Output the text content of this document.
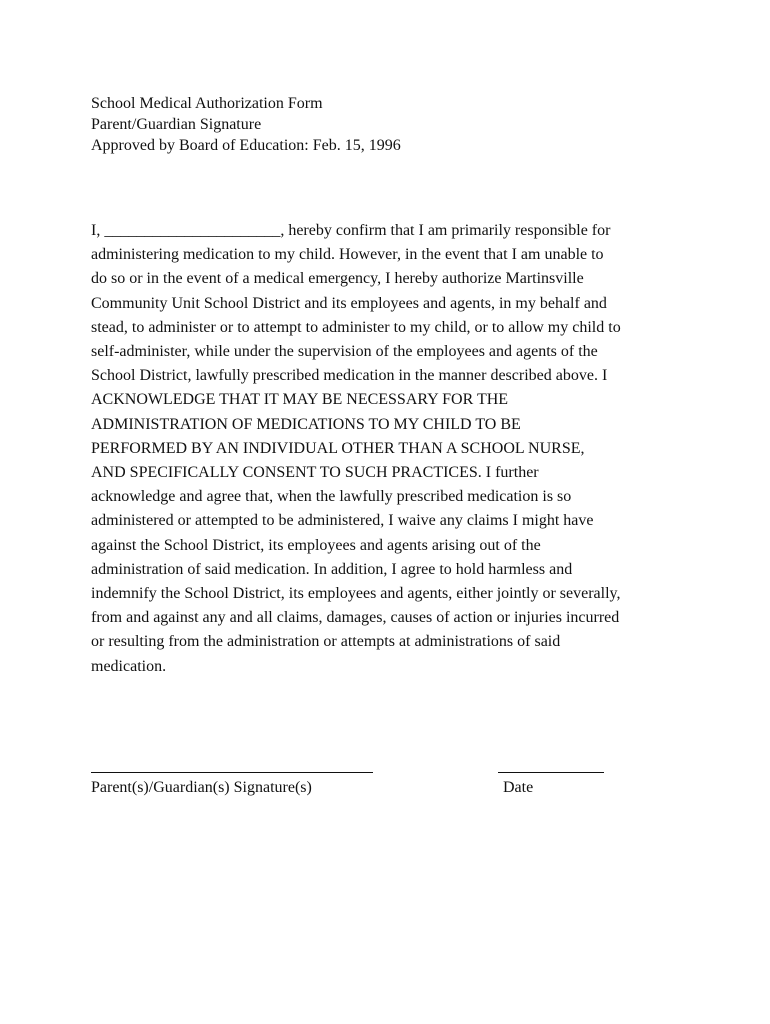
School Medical Authorization Form
Parent/Guardian Signature
Approved by Board of Education: Feb. 15, 1996
I, ______________________, hereby confirm that I am primarily responsible for
administering medication to my child. However, in the event that I am unable to
do so or in the event of a medical emergency, I hereby authorize Martinsville
Community Unit School District and its employees and agents, in my behalf and
stead, to administer or to attempt to administer to my child, or to allow my child to
self-administer, while under the supervision of the employees and agents of the
School District, lawfully prescribed medication in the manner described above. I
ACKNOWLEDGE THAT IT MAY BE NECESSARY FOR THE
ADMINISTRATION OF MEDICATIONS TO MY CHILD TO BE
PERFORMED BY AN INDIVIDUAL OTHER THAN A SCHOOL NURSE,
AND SPECIFICALLY CONSENT TO SUCH PRACTICES. I further
acknowledge and agree that, when the lawfully prescribed medication is so
administered or attempted to be administered, I waive any claims I might have
against the School District, its employees and agents arising out of the
administration of said medication. In addition, I agree to hold harmless and
indemnify the School District, its employees and agents, either jointly or severally,
from and against any and all claims, damages, causes of action or injuries incurred
or resulting from the administration or attempts at administrations of said
medication.
Parent(s)/Guardian(s) Signature(s)	Date
